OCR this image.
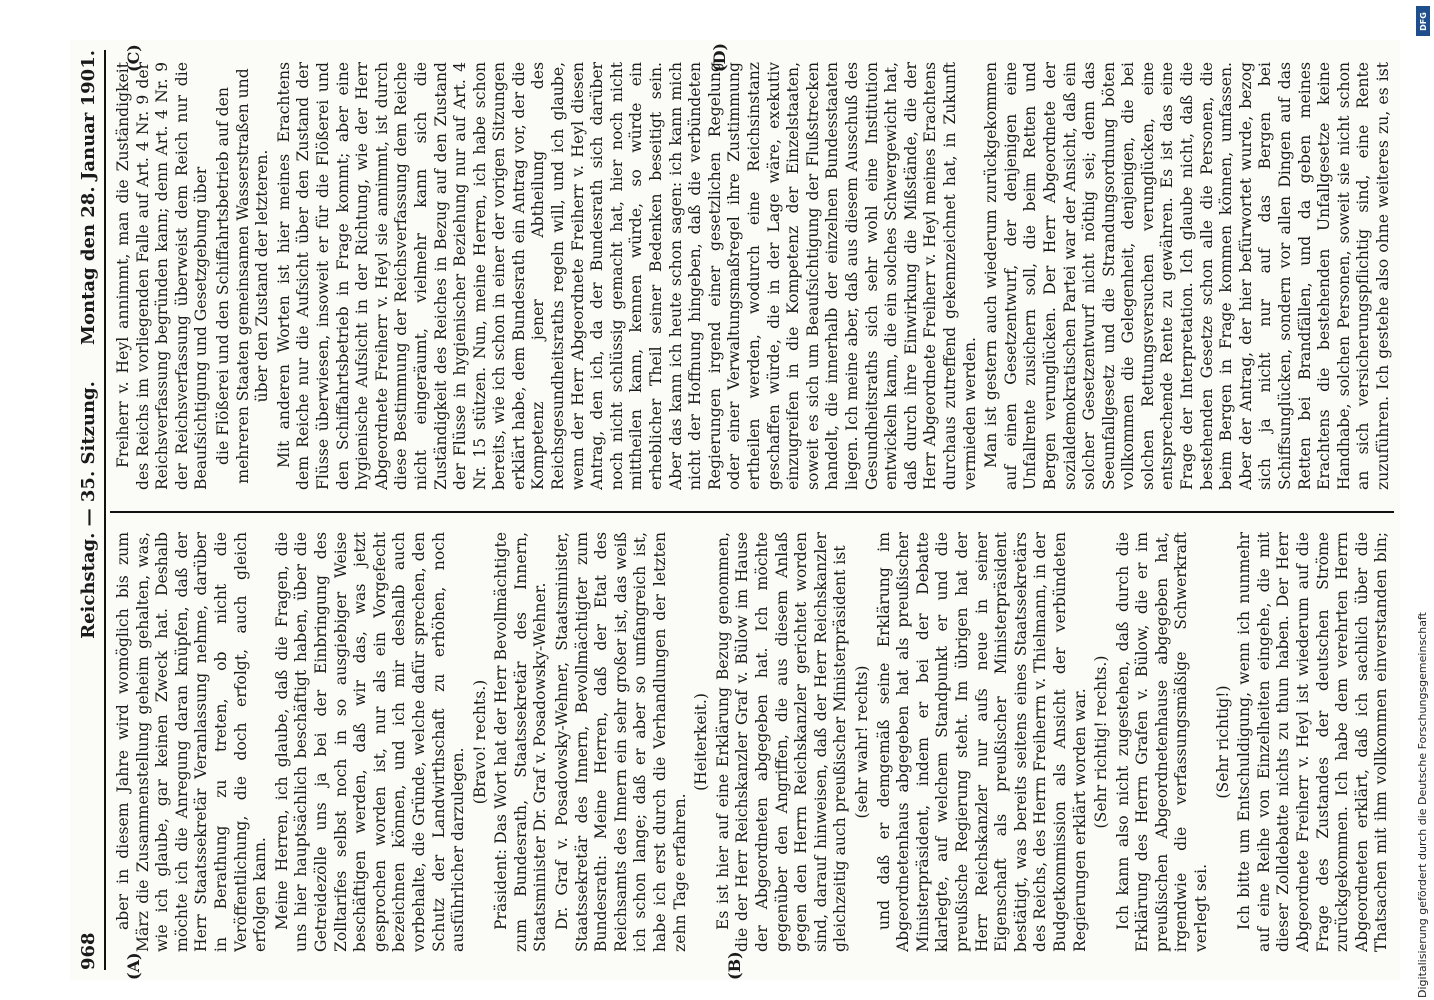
968
Reichstag. — 35. Sitzung.
Montag den 28. Januar 1901.
(A)	(B)
(C)	(D)

aber in diesem Jahre wird womöglich bis zum März die Zusammenstellung geheim gehalten, was, wie ich glaube, gar keinen Zweck hat. Deshalb möchte ich die Anregung daran knüpfen, daß der Herr Staatssekretär Veranlassung nehme, darüber in Berathung zu treten, ob nicht die Veröffentlichung, die doch erfolgt, auch gleich erfolgen kann. Meine Herren, ich glaube, daß die Fragen, die uns hier hauptsächlich beschäftigt haben, über die Getreidezölle uns ja bei der Einbringung des Zolltarifes selbst noch in so ausgiebiger Weise beschäftigen werden, daß wir das, was jetzt gesprochen worden ist, nur als ein Vorgefecht bezeichnen können, und ich mir deshalb auch vorbehalte, die Gründe, welche dafür sprechen, den Schutz der Landwirthschaft zu erhöhen, noch ausführlicher darzulegen.

(Bravo! rechts.) Präsident: Das Wort hat der Herr Bevollmächtigte zum Bundesrath, Staatssekretär des Innern, Staatsminister Dr. Graf v. Posadowsky-Wehner. Dr. Graf v. Posadowsky-Wehner, Staatsminister, Staatssekretär des Innern, Bevollmächtigter zum Bundesrath: Meine Herren, daß der Etat des Reichsamts des Innern ein sehr großer ist, das weiß ich schon lange; daß er aber so umfangreich ist, habe ich erst durch die Verhandlungen der letzten zehn Tage erfahren.

(Heiterkeit.) Es ist hier auf eine Erklärung Bezug genommen, die der Herr Reichskanzler Graf v. Bülow im Hause der Abgeordneten abgegeben hat. Ich möchte gegenüber den Angriffen, die aus diesem Anlaß gegen den Herrn Reichskanzler gerichtet worden sind, darauf hinweisen, daß der Herr Reichskanzler gleichzeitig auch preußischer Ministerpräsident ist (sehr wahr! rechts) und daß er demgemäß seine Erklärung im Abgeordnetenhaus abgegeben hat als preußischer Ministerpräsident, indem er bei der Debatte klarlegte, auf welchem Standpunkt er und die preußische Regierung steht. Im übrigen hat der Herr Reichskanzler nur aufs neue in seiner Eigenschaft als preußischer Ministerpräsident bestätigt, was bereits seitens eines Staatssekretärs des Reichs, des Herrn Freiherrn v. Thielmann, in der Budgetkommission als Ansicht der verbündeten Regierungen erklärt worden war. (Sehr richtig! rechts.) Ich kann also nicht zugestehen, daß durch die Erklärung des Herrn Grafen v. Bülow, die er im preußischen Abgeordnetenhause abgegeben hat, irgendwie die verfassungsmäßige Schwerkraft verlegt sei.

(Sehr richtig!)

Ich bitte um Entschuldigung, wenn ich nunmehr auf eine Reihe von Einzelheiten eingehe, die mit dieser Zolldebatte nichts zu thun haben. Der Herr Abgeordnete Freiherr v. Heyl ist wiederum auf die Frage des Zustandes der deutschen Ströme zurückgekommen. Ich habe dem verehrten Herrn Abgeordneten erklärt, daß ich sachlich über die Thatsachen mit ihm vollkommen einverstanden bin;

Freiherr v. Heyl annimmt, man die Zuständigkeit des Reichs im vorliegenden Falle auf Art. 4 Nr. 9 der Reichsverfassung begründen kann; denn Art. 4 Nr. 9 der Reichsverfassung überweist dem Reich nur die Beaufsichtigung und Gesetzgebung über die Flößerei und den Schiffahrtsbetrieb auf den mehreren Staaten gemeinsamen Wasserstraßen und über den Zustand der letzteren. Mit anderen Worten ist hier meines Erachtens dem Reiche nur die Aufsicht über den Zustand der Flüsse überwiesen, insoweit er für die Flößerei und den Schiffahrtsbetrieb in Frage kommt; aber eine hygienische Aufsicht in der Richtung, wie der Herr Abgeordnete Freiherr v. Heyl sie annimmt, ist durch diese Bestimmung der Reichsverfassung dem Reiche nicht eingeräumt, vielmehr kann sich die Zuständigkeit des Reiches in Bezug auf den Zustand der Flüsse in hygienischer Beziehung nur auf Art. 4 Nr. 15 stützen. Nun, meine Herren, ich habe schon bereits, wie ich schon in einer der vorigen Sitzungen erklärt habe, dem Bundesrath ein Antrag vor, der die Kompetenz jener Abtheilung des Reichsgesundheitsraths regeln will, und ich glaube, wenn der Herr Abgeordnete Freiherr v. Heyl diesen Antrag, den ich, da der Bundesrath sich darüber noch nicht schlüssig gemacht hat, hier noch nicht mittheilen kann, kennen würde, so würde ein erheblicher Theil seiner Bedenken beseitigt sein. Aber das kann ich heute schon sagen: ich kann mich nicht der Hoffnung hingeben, daß die verbündeten Regierungen irgend einer gesetzlichen Regelung oder einer Verwaltungsmaßregel ihre Zustimmung ertheilen werden, wodurch eine Reichsinstanz geschaffen würde, die in der Lage wäre, exekutiv einzugreifen in die Kompetenz der Einzelstaaten, soweit es sich um Beaufsichtigung der Flußstrecken handelt, die innerhalb der einzelnen Bundesstaaten liegen. Ich meine aber, daß aus diesem Ausschuß des Gesundheitsraths sich sehr wohl eine Institution entwickeln kann, die ein solches Schwergewicht hat, daß durch ihre Einwirkung die Mißstände, die der Herr Abgeordnete Freiherr v. Heyl meines Erachtens durchaus zutreffend gekennzeichnet hat, in Zukunft vermieden werden. Man ist gestern auch wiederum zurückgekommen auf einen Gesetzentwurf, der denjenigen eine Unfallrente zusichern soll, die beim Retten und Bergen verunglücken. Der Herr Abgeordnete der sozialdemokratischen Partei war der Ansicht, daß ein solcher Gesetzentwurf nicht nöthig sei; denn das Seeunfallgesetz und die Strandungsordnung böten vollkommen die Gelegenheit, denjenigen, die bei solchen Rettungsversuchen verunglücken, eine entsprechende Rente zu gewähren. Es ist das eine Frage der Interpretation. Ich glaube nicht, daß die bestehenden Gesetze schon alle die Personen, die beim Bergen in Frage kommen können, umfassen. Aber der Antrag, der hier befürwortet wurde, bezog sich ja nicht nur auf das Bergen bei Schiffsunglücken, sondern vor allen Dingen auf das Retten bei Brandfällen, und da geben meines Erachtens die bestehenden Unfallgesetze keine Handhabe, solchen Personen, soweit sie nicht schon an sich versicherungspflichtig sind, eine Rente zuzuführen. Ich gestehe also ohne weiteres zu, es ist

DFG
Digitalisierung gefördert durch die Deutsche Forschungsgemeinschaft
